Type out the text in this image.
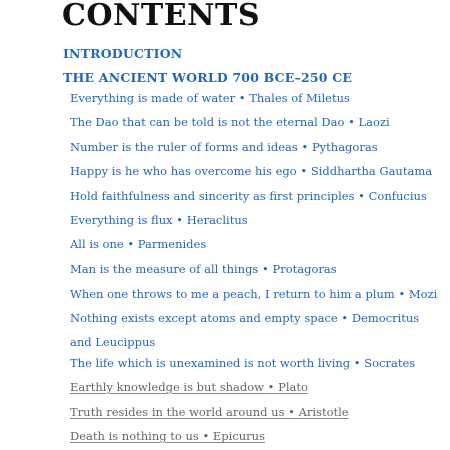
CONTENTS
INTRODUCTION
THE ANCIENT WORLD 700 BCE–250 CE
Everything is made of water • Thales of Miletus
The Dao that can be told is not the eternal Dao • Laozi
Number is the ruler of forms and ideas • Pythagoras
Happy is he who has overcome his ego • Siddhartha Gautama
Hold faithfulness and sincerity as first principles • Confucius
Everything is flux • Heraclitus
All is one • Parmenides
Man is the measure of all things • Protagoras
When one throws to me a peach, I return to him a plum • Mozi
Nothing exists except atoms and empty space • Democritus and Leucippus
The life which is unexamined is not worth living • Socrates
Earthly knowledge is but shadow • Plato
Truth resides in the world around us • Aristotle
Death is nothing to us • Epicurus
